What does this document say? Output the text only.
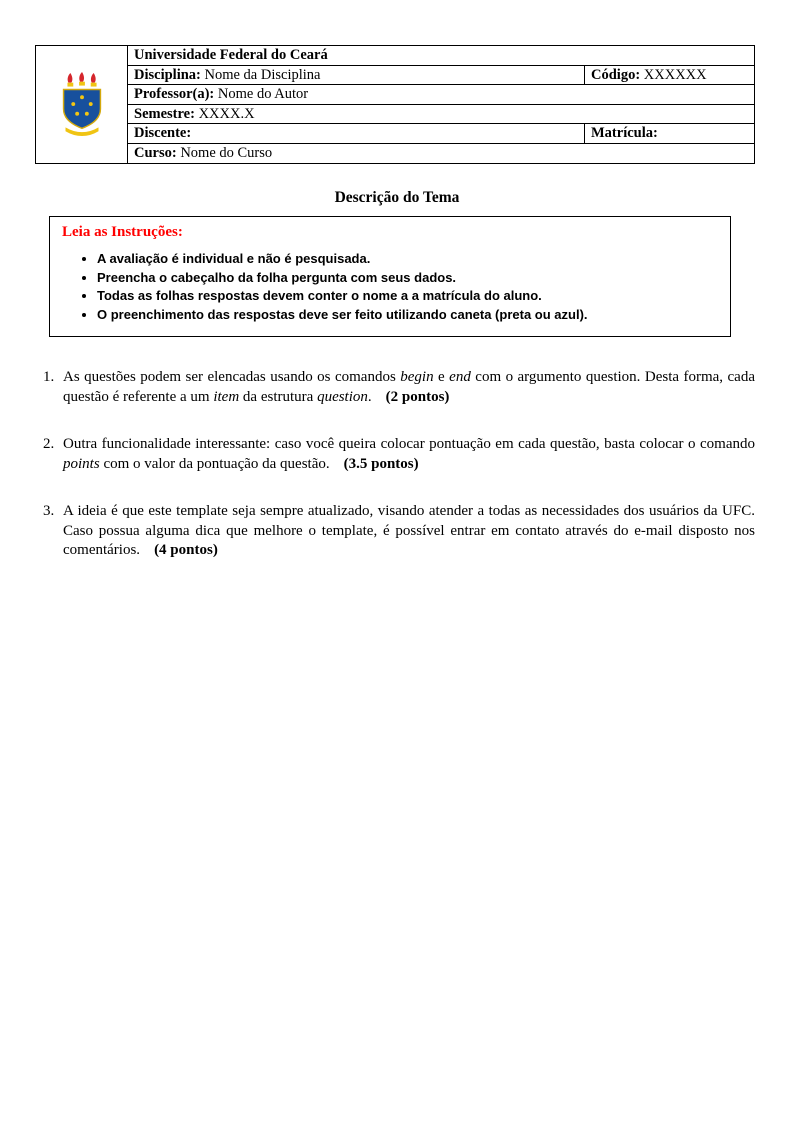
Universidade Federal do Ceará
Disciplina: Nome da Disciplina	Código: XXXXXX
Professor(a): Nome do Autor
Semestre: XXXX.X
Discente:	Matrícula:
Curso: Nome do Curso
Descrição do Tema
Leia as Instruções:
• A avaliação é individual e não é pesquisada.
• Preencha o cabeçalho da folha pergunta com seus dados.
• Todas as folhas respostas devem conter o nome a a matrícula do aluno.
• O preenchimento das respostas deve ser feito utilizando caneta (preta ou azul).
1. As questões podem ser elencadas usando os comandos begin e end com o argumento question. Desta forma, cada questão é referente a um item da estrutura question. (2 pontos)
2. Outra funcionalidade interessante: caso você queira colocar pontuação em cada questão, basta colocar o comando points com o valor da pontuação da questão. (3.5 pontos)
3. A ideia é que este template seja sempre atualizado, visando atender a todas as necessidades dos usuários da UFC. Caso possua alguma dica que melhore o template, é possível entrar em contato através do e-mail disposto nos comentários. (4 pontos)
